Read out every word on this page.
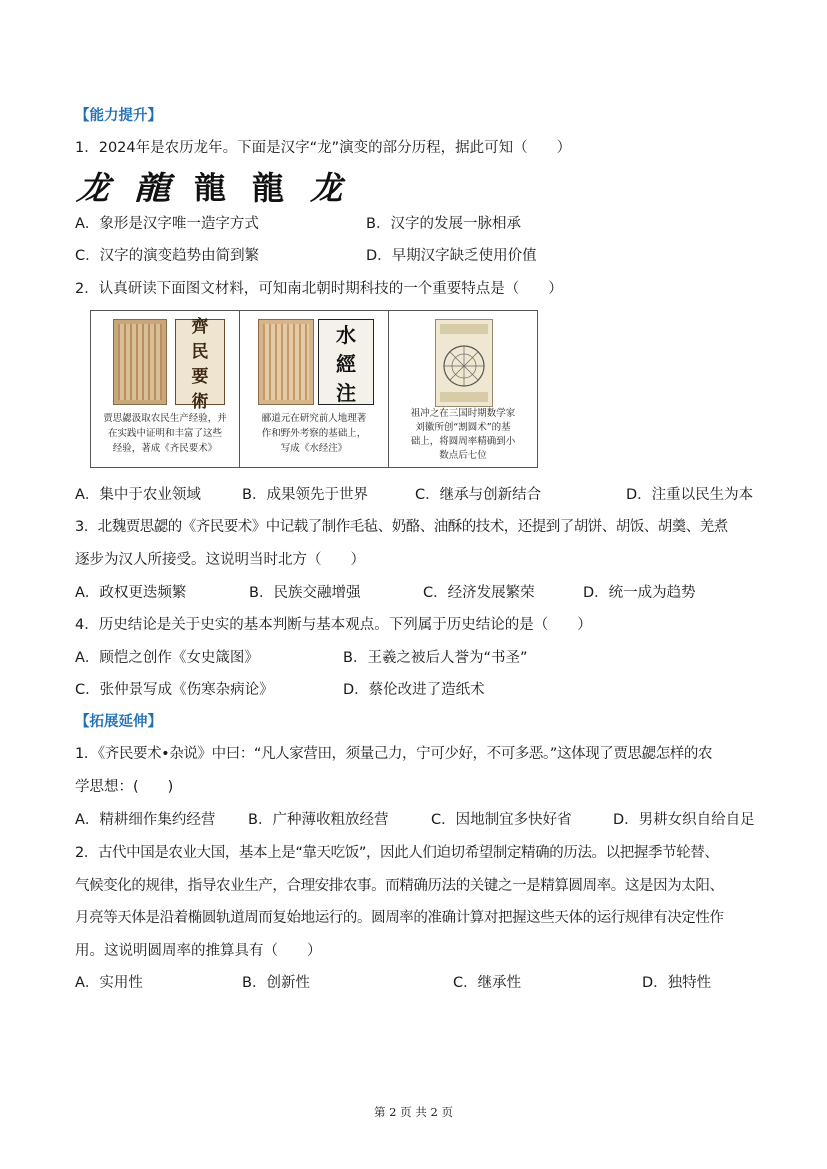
【能力提升】
1．2024年是农历龙年。下面是汉字“龙”演变的部分历程，据此可知（　　）
龙 龍 龍 龍 龙
A．象形是汉字唯一造字方式	B．汉字的发展一脉相承
C．汉字的演变趋势由简到繁	D．早期汉字缺乏使用价值
2．认真研读下面图文材料，可知南北朝时期科技的一个重要特点是（　　）
齊
民
要
術
贾思勰汲取农民生产经验，并
在实践中证明和丰富了这些
经验，著成《齐民要术》
水
經
注
郦道元在研究前人地理著
作和野外考察的基础上，
写成《水经注》
祖冲之在三国时期数学家
刘徽所创“割圆术”的基
础上，将圆周率精确到小
数点后七位
A．集中于农业领域	B．成果领先于世界	C．继承与创新结合	D．注重以民生为本
3．北魏贾思勰的《齐民要术》中记载了制作毛毡、奶酪、油酥的技术，还提到了胡饼、胡饭、胡羹、羌煮
逐步为汉人所接受。这说明当时北方（　　）
A．政权更迭频繁	B．民族交融增强	C．经济发展繁荣	D．统一成为趋势
4．历史结论是关于史实的基本判断与基本观点。下列属于历史结论的是（　　）
A．顾恺之创作《女史箴图》	B．王羲之被后人誉为“书圣”
C．张仲景写成《伤寒杂病论》	D．蔡伦改进了造纸术
【拓展延伸】
1．《齐民要术•杂说》中曰：“凡人家营田，须量己力，宁可少好，不可多恶。”这体现了贾思勰怎样的农
学思想：(　　)
A．精耕细作集约经营 B．广种薄收粗放经营	C．因地制宜多快好省	D．男耕女织自给自足
2．古代中国是农业大国，基本上是“靠天吃饭”，因此人们迫切希望制定精确的历法。以把握季节轮替、
气候变化的规律，指导农业生产，合理安排农事。而精确历法的关键之一是精算圆周率。这是因为太阳、
月亮等天体是沿着椭圆轨道周而复始地运行的。圆周率的准确计算对把握这些天体的运行规律有决定性作
用。这说明圆周率的推算具有（　　）
A．实用性	B．创新性	C．继承性	D．独特性
第 2 页 共 2 页
